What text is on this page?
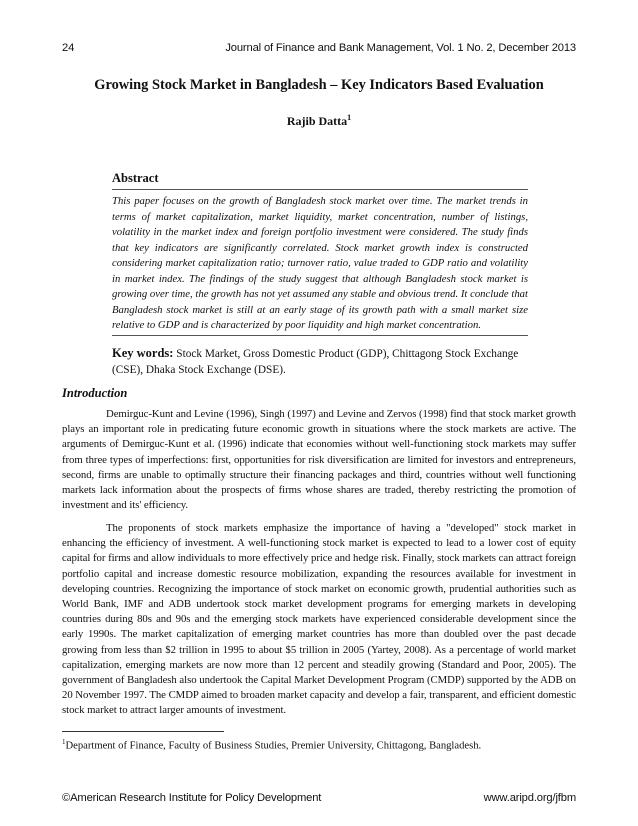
24	Journal of Finance and Bank Management, Vol. 1 No. 2, December 2013
Growing Stock Market in Bangladesh – Key Indicators Based Evaluation
Rajib Datta$^1$
Abstract

This paper focuses on the growth of Bangladesh stock market over time. The market trends in terms of market capitalization, market liquidity, market concentration, number of listings, volatility in the market index and foreign portfolio investment were considered. The study finds that key indicators are significantly correlated. Stock market growth index is constructed considering market capitalization ratio; turnover ratio, value traded to GDP ratio and volatility in market index. The findings of the study suggest that although Bangladesh stock market is growing over time, the growth has not yet assumed any stable and obvious trend. It conclude that Bangladesh stock market is still at an early stage of its growth path with a small market size relative to GDP and is characterized by poor liquidity and high market concentration.

Key words: Stock Market, Gross Domestic Product (GDP), Chittagong Stock Exchange (CSE), Dhaka Stock Exchange (DSE).

Introduction

Demirguc-Kunt and Levine (1996), Singh (1997) and Levine and Zervos (1998) find that stock market growth plays an important role in predicating future economic growth in situations where the stock markets are active. The arguments of Demirguc-Kunt et al. (1996) indicate that economies without well-functioning stock markets may suffer from three types of imperfections: first, opportunities for risk diversification are limited for investors and entrepreneurs, second, firms are unable to optimally structure their financing packages and third, countries without well functioning markets lack information about the prospects of firms whose shares are traded, thereby restricting the promotion of investment and its' efficiency.

The proponents of stock markets emphasize the importance of having a "developed" stock market in enhancing the efficiency of investment. A well-functioning stock market is expected to lead to a lower cost of equity capital for firms and allow individuals to more effectively price and hedge risk. Finally, stock markets can attract foreign portfolio capital and increase domestic resource mobilization, expanding the resources available for investment in developing countries. Recognizing the importance of stock market on economic growth, prudential authorities such as World Bank, IMF and ADB undertook stock market development programs for emerging markets in developing countries during 80s and 90s and the emerging stock markets have experienced considerable development since the early 1990s. The market capitalization of emerging market countries has more than doubled over the past decade growing from less than $2 trillion in 1995 to about $5 trillion in 2005 (Yartey, 2008). As a percentage of world market capitalization, emerging markets are now more than 12 percent and steadily growing (Standard and Poor, 2005). The government of Bangladesh also undertook the Capital Market Development Program (CMDP) supported by the ADB on 20 November 1997. The CMDP aimed to broaden market capacity and develop a fair, transparent, and efficient domestic stock market to attract larger amounts of investment.

$^1$Department of Finance, Faculty of Business Studies, Premier University, Chittagong, Bangladesh.

©American Research Institute for Policy Development	www.aripd.org/jfbm
